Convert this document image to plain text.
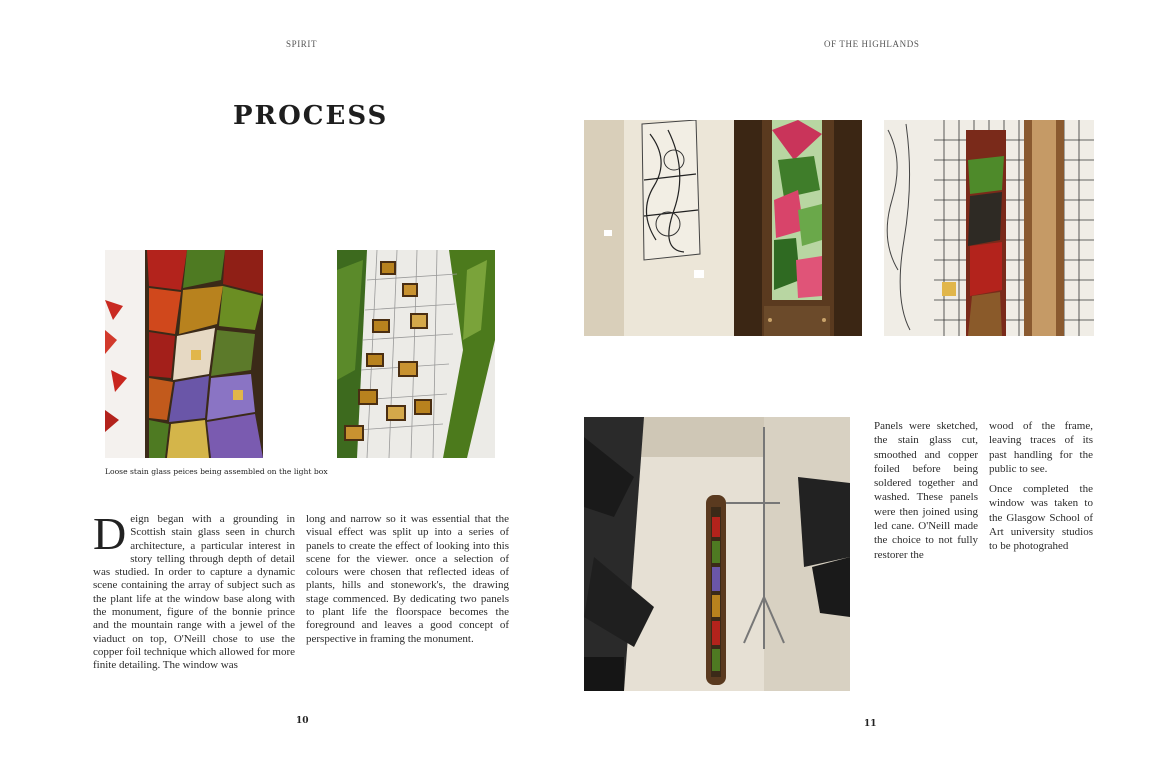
SPIRIT	OF THE HIGHLANDS
PROCESS
Loose stain glass peices being assembled on the light box

Deign began with a grounding in Scottish stain glass seen in church architecture, a particular interest in story telling through depth of detail was studied. In order to capture a dynamic scene containing the array of subject such as the plant life at the window base along with the monument, figure of the bonnie prince and the mountain range with a jewel of the viaduct on top, O'Neill chose to use the copper foil technique which allowed for more finite detailing. The window was

long and narrow so it was essential that the visual effect was split up into a series of panels to create the effect of looking into this scene for the viewer. once a selection of colours were chosen that reflected ideas of plants, hills and stonework's, the drawing stage commenced. By dedicating two panels to plant life the floorspace becomes the foreground and leaves a good concept of perspective in framing the monument.

10

Panels were sketched, the stain glass cut, smoothed and copper foiled before being soldered together and washed. These panels were then joined using led cane. O'Neill made the choice to not fully restorer the

wood of the frame, leaving traces of its past handling for the public to see.

Once completed the window was taken to the Glasgow School of Art university studios to be photograhed

11
